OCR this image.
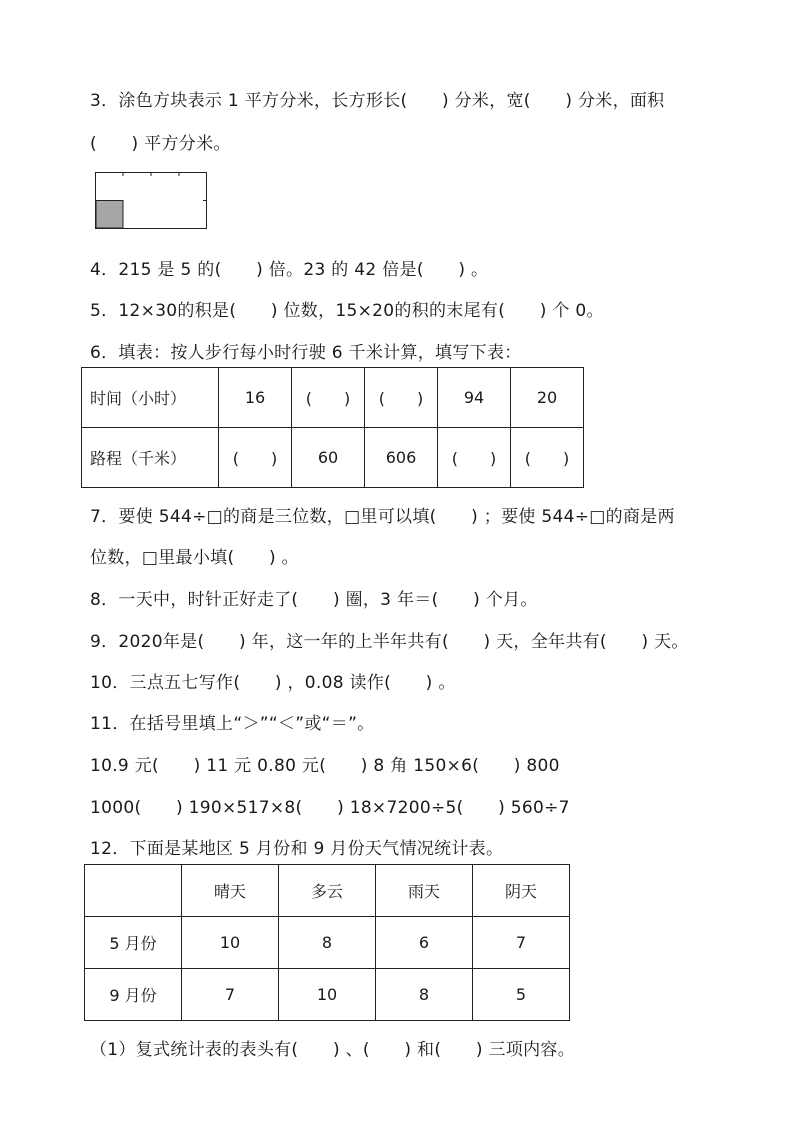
3．涂色方块表示 1 平方分米，长方形长(　　) 分米，宽(　　) 分米，面积
(　　) 平方分米。
4．215 是 5 的(　　) 倍。23 的 42 倍是(　　) 。
5．12×30的积是(　　) 位数，15×20的积的末尾有(　　) 个 0。
6．填表：按人步行每小时行驶 6 千米计算，填写下表：
时间（小时）	16	(　　)	(　　)	94	20
路程（千米）	(　　)	60	606	(　　)	(　　)
7．要使 544÷□的商是三位数，□里可以填(　　) ；要使 544÷□的商是两
位数，□里最小填(　　) 。
8．一天中，时针正好走了(　　) 圈，3 年＝(　　) 个月。
9．2020年是(　　) 年，这一年的上半年共有(　　) 天，全年共有(　　) 天。
10．三点五七写作(　　) ，0.08 读作(　　) 。
11．在括号里填上“＞”“＜”或“＝”。
10.9 元(　　) 11 元 0.80 元(　　) 8 角 150×6(　　) 800
1000(　　) 190×517×8(　　) 18×7200÷5(　　) 560÷7
12．下面是某地区 5 月份和 9 月份天气情况统计表。
	晴天	多云	雨天	阴天
5 月份	10	8	6	7
9 月份	7	10	8	5
（1）复式统计表的表头有(　　) 、(　　) 和(　　) 三项内容。
